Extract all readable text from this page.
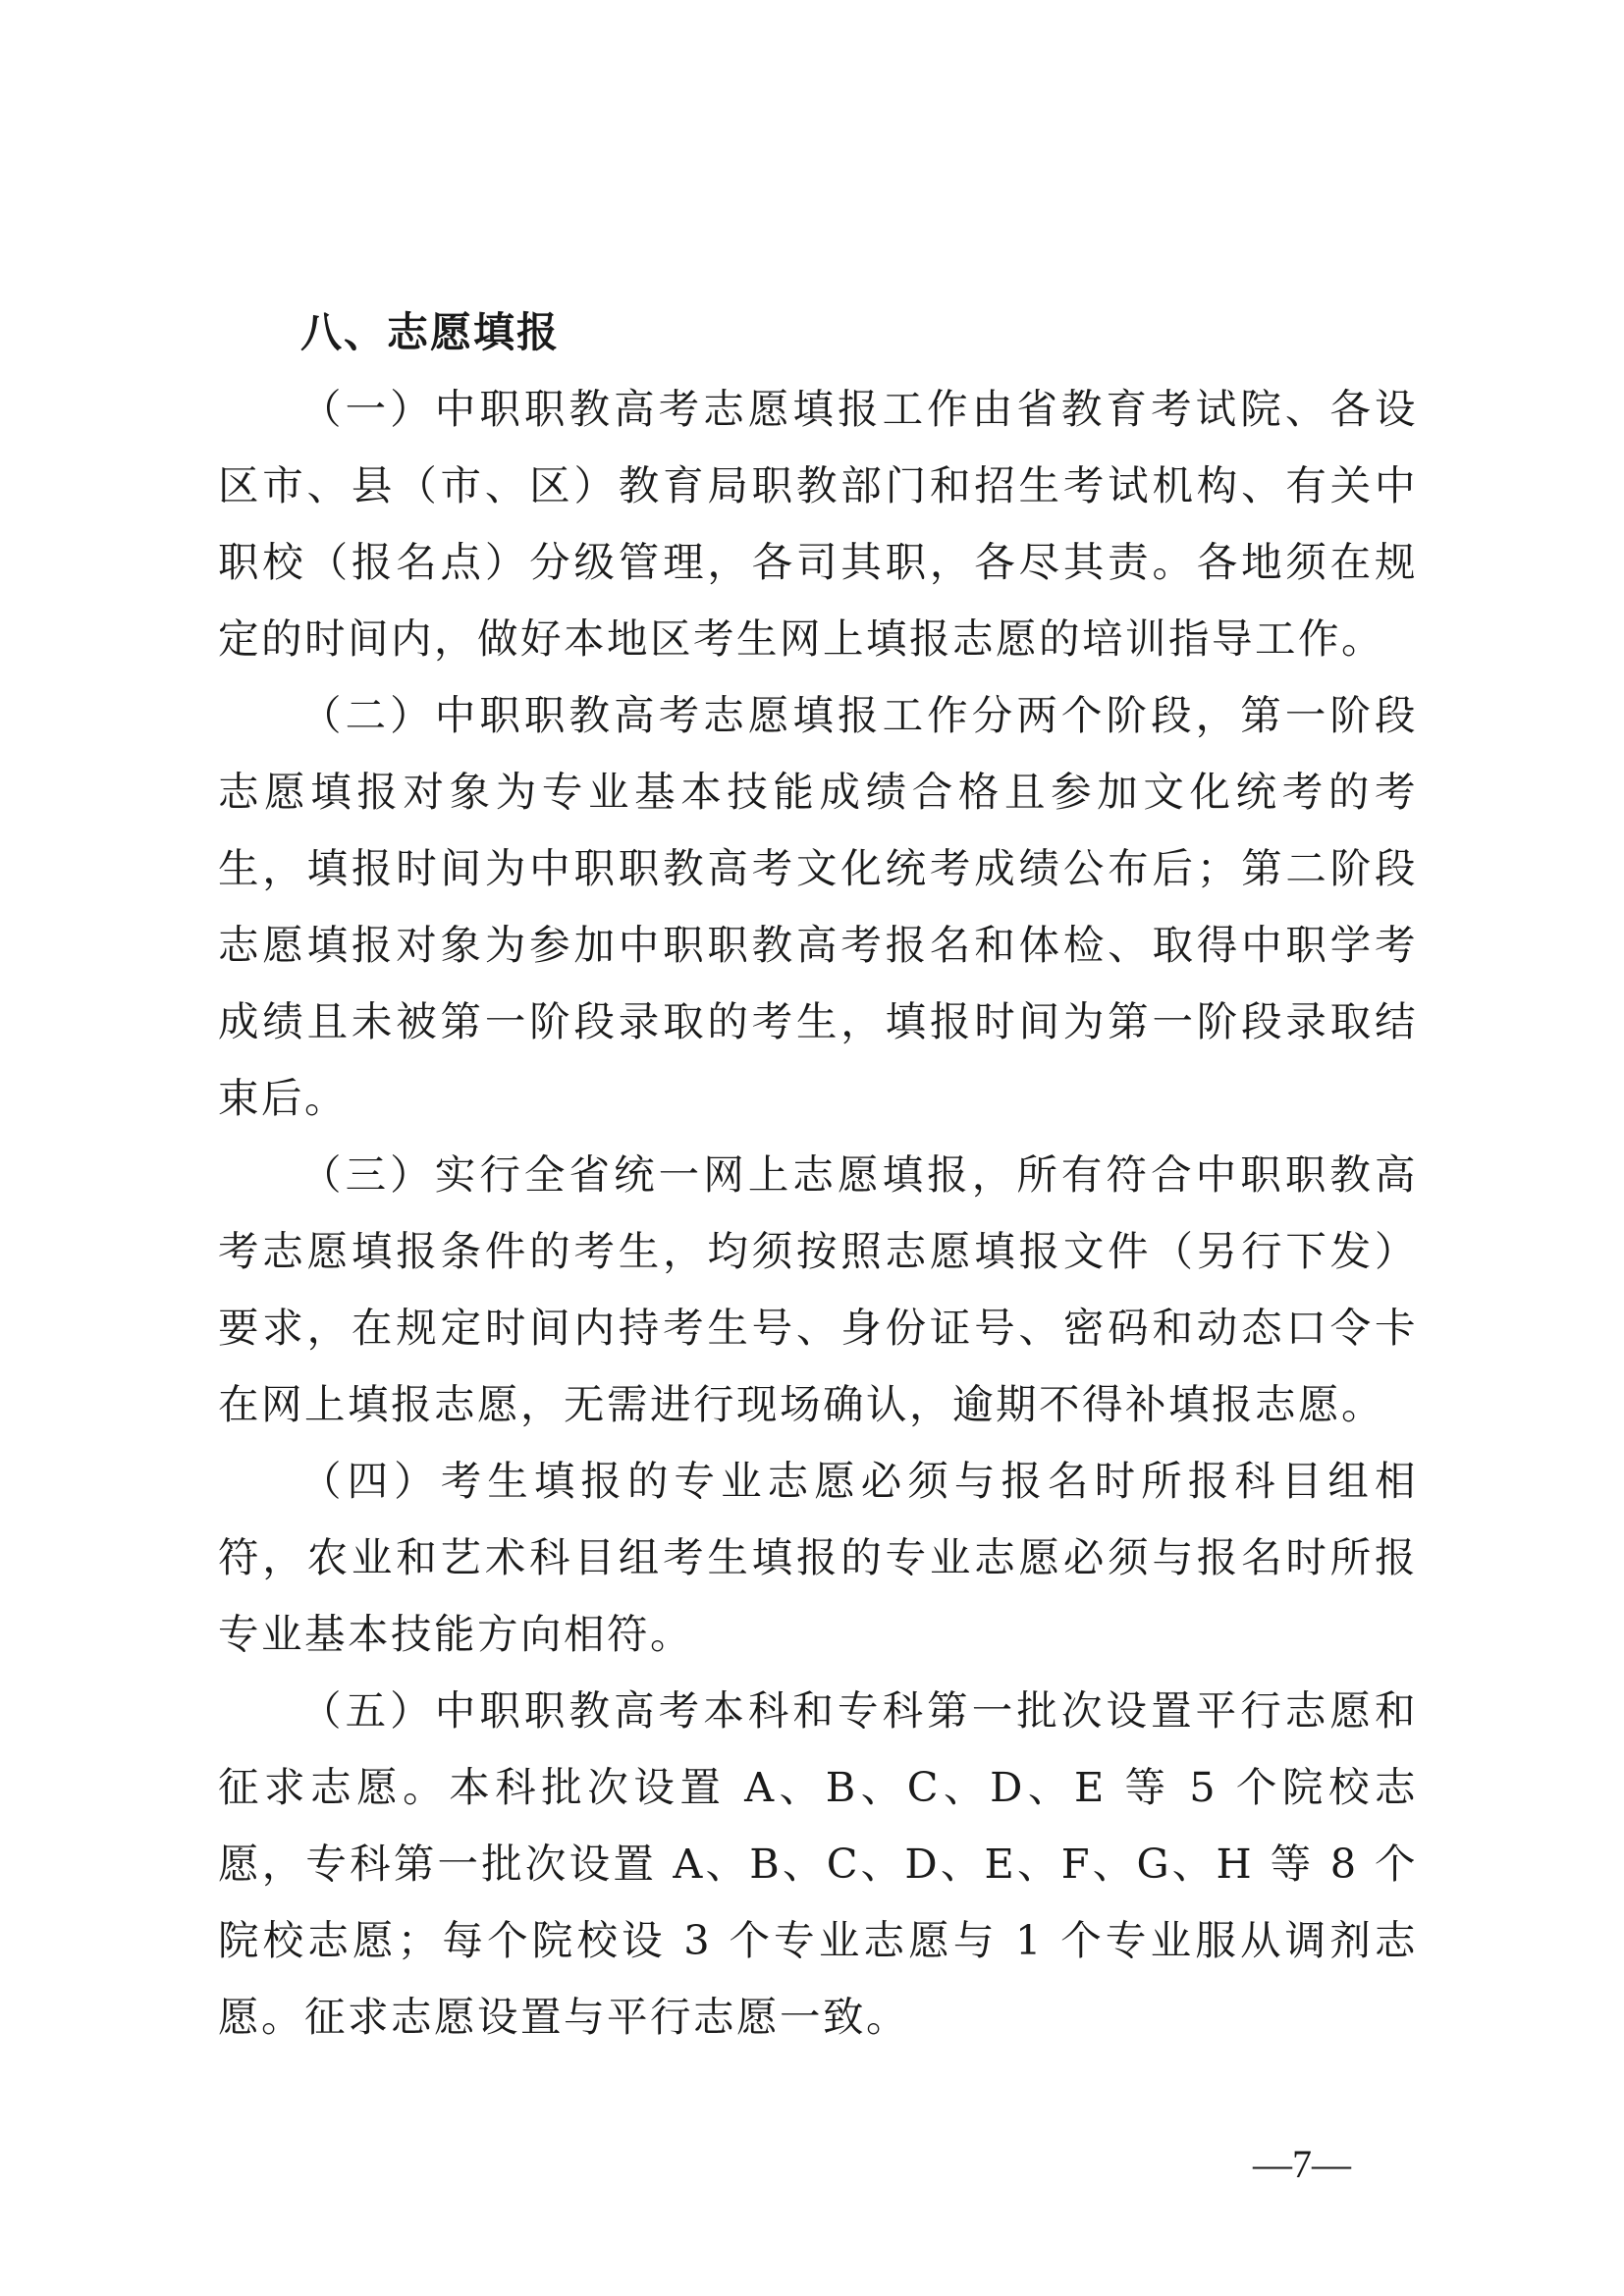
八、志愿填报

（一）中职职教高考志愿填报工作由省教育考试院、各设区市、县（市、区）教育局职教部门和招生考试机构、有关中职校（报名点）分级管理，各司其职，各尽其责。各地须在规定的时间内，做好本地区考生网上填报志愿的培训指导工作。

（二）中职职教高考志愿填报工作分两个阶段，第一阶段志愿填报对象为专业基本技能成绩合格且参加文化统考的考生，填报时间为中职职教高考文化统考成绩公布后；第二阶段志愿填报对象为参加中职职教高考报名和体检、取得中职学考成绩且未被第一阶段录取的考生，填报时间为第一阶段录取结束后。

（三）实行全省统一网上志愿填报，所有符合中职职教高考志愿填报条件的考生，均须按照志愿填报文件（另行下发）要求，在规定时间内持考生号、身份证号、密码和动态口令卡在网上填报志愿，无需进行现场确认，逾期不得补填报志愿。

（四）考生填报的专业志愿必须与报名时所报科目组相符，农业和艺术科目组考生填报的专业志愿必须与报名时所报专业基本技能方向相符。

（五）中职职教高考本科和专科第一批次设置平行志愿和征求志愿。本科批次设置 A、B、C、D、E 等 5 个院校志愿，专科第一批次设置 A、B、C、D、E、F、G、H 等 8 个院校志愿；每个院校设 3 个专业志愿与 1 个专业服从调剂志愿。征求志愿设置与平行志愿一致。

—7—
